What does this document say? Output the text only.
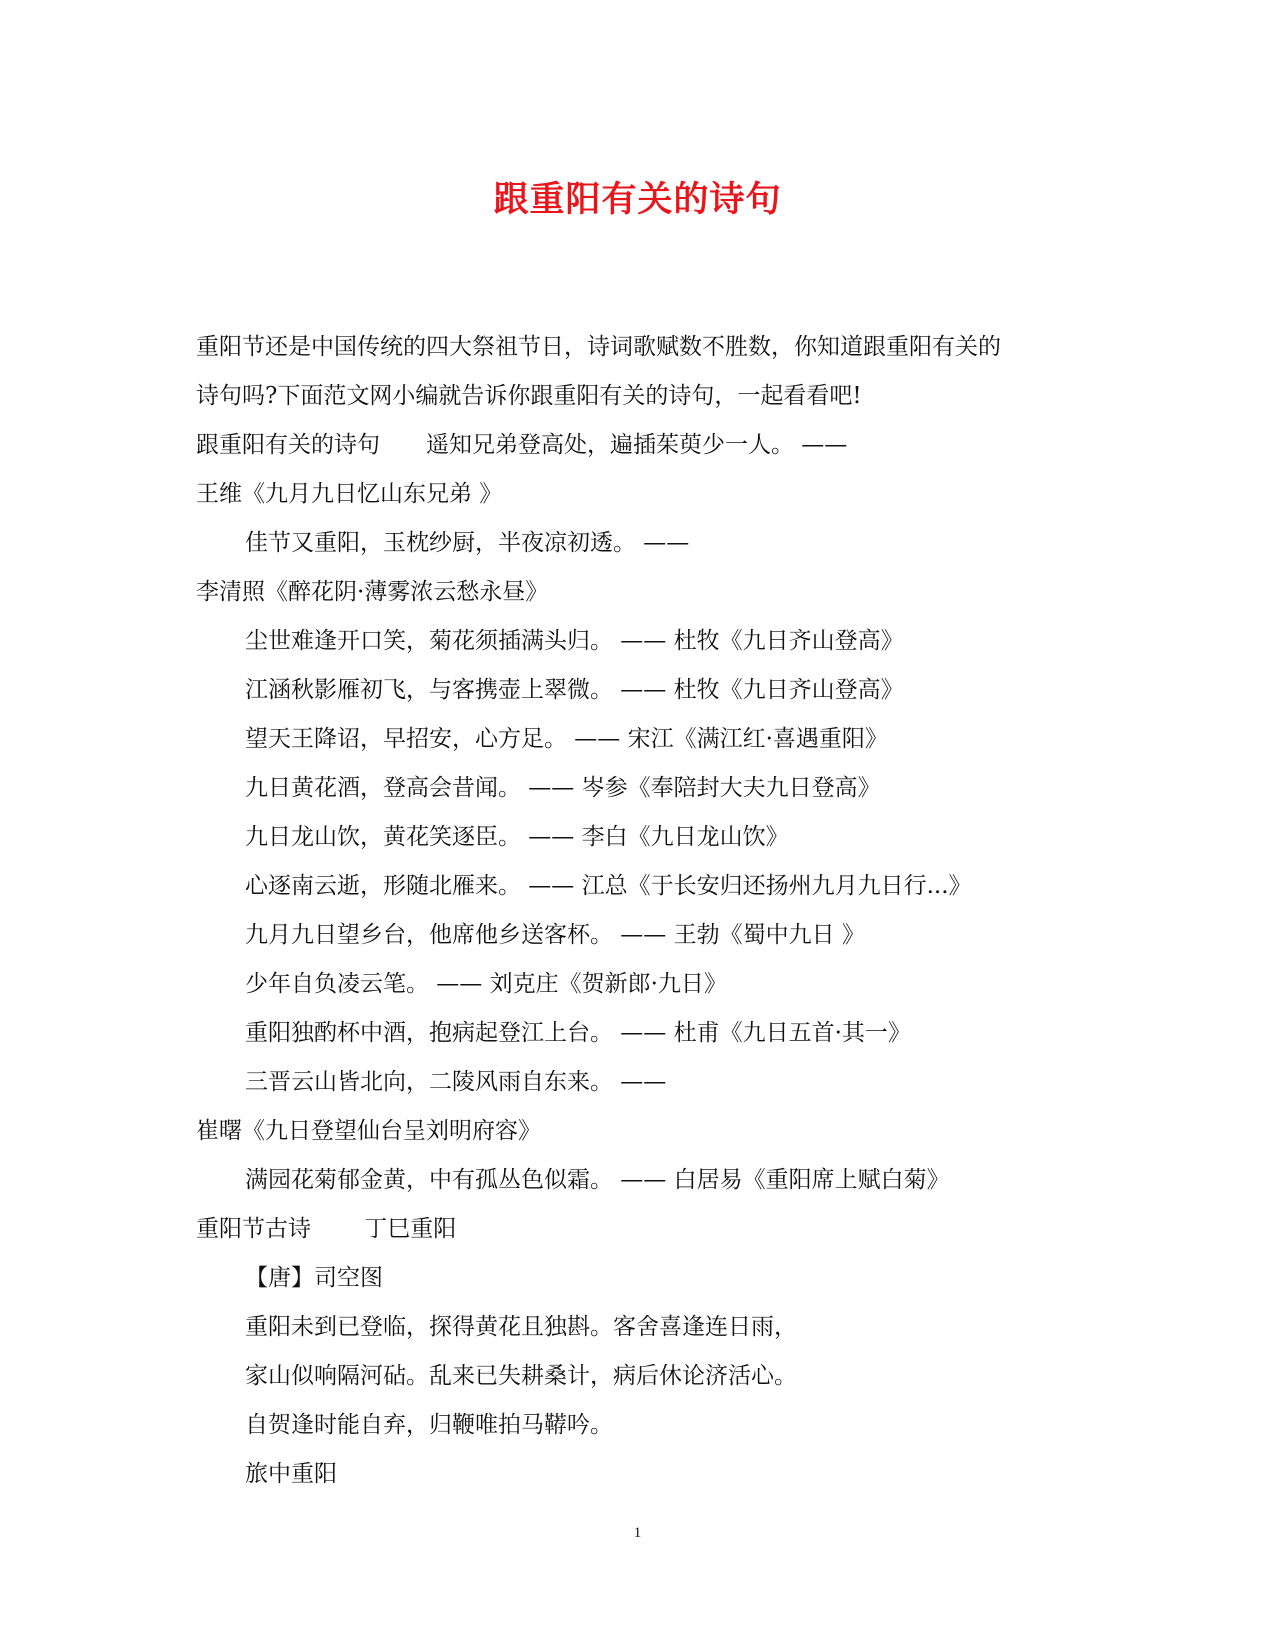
跟重阳有关的诗句
重阳节还是中国传统的四大祭祖节日，诗词歌赋数不胜数，你知道跟重阳有关的
诗句吗?下面范文网小编就告诉你跟重阳有关的诗句，一起看看吧!
跟重阳有关的诗句　　遥知兄弟登高处，遍插茱萸少一人。 ——
王维《九月九日忆山东兄弟 》
佳节又重阳，玉枕纱厨，半夜凉初透。 ——
李清照《醉花阴·薄雾浓云愁永昼》
尘世难逢开口笑，菊花须插满头归。 —— 杜牧《九日齐山登高》
江涵秋影雁初飞，与客携壶上翠微。 —— 杜牧《九日齐山登高》
望天王降诏，早招安，心方足。 —— 宋江《满江红·喜遇重阳》
九日黄花酒，登高会昔闻。 —— 岑参《奉陪封大夫九日登高》
九日龙山饮，黄花笑逐臣。 —— 李白《九日龙山饮》
心逐南云逝，形随北雁来。 —— 江总《于长安归还扬州九月九日行...》
九月九日望乡台，他席他乡送客杯。 —— 王勃《蜀中九日 》
少年自负凌云笔。 —— 刘克庄《贺新郎·九日》
重阳独酌杯中酒，抱病起登江上台。 —— 杜甫《九日五首·其一》
三晋云山皆北向，二陵风雨自东来。 ——
崔曙《九日登望仙台呈刘明府容》
满园花菊郁金黄，中有孤丛色似霜。 —— 白居易《重阳席上赋白菊》
重阳节古诗　　 丁巳重阳
【唐】司空图
重阳未到已登临，探得黄花且独斟。客舍喜逢连日雨，
家山似响隔河砧。乱来已失耕桑计，病后休论济活心。
自贺逢时能自弃，归鞭唯拍马鞯吟。
旅中重阳
1
